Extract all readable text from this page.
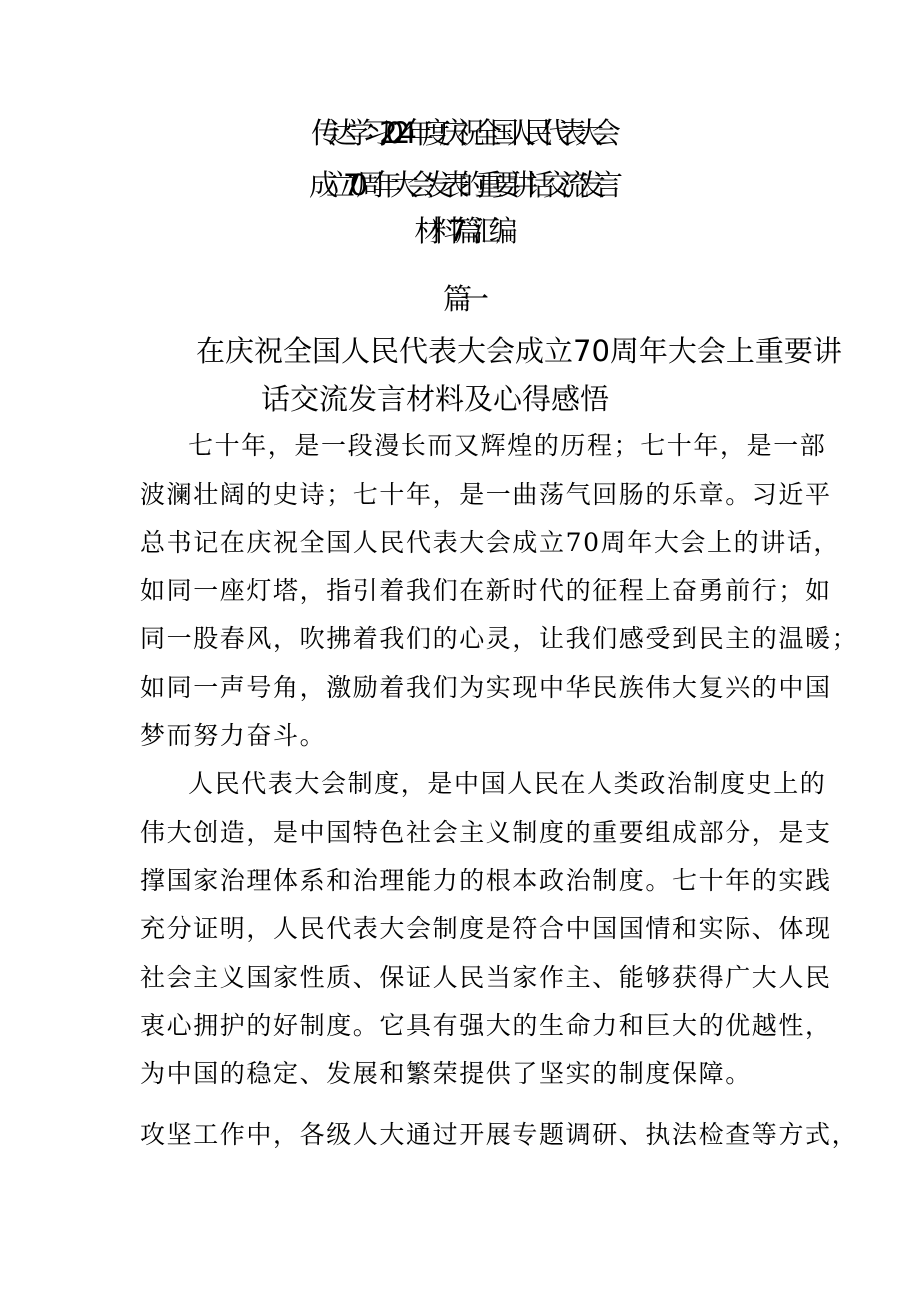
传达学习2024年度庆祝全国人民代表大会
成立70周年大会发表的重要讲话交流发言
材料7篇汇编
篇一
在庆祝全国人民代表大会成立70周年大会上重要讲
话交流发言材料及心得感悟
七十年，是一段漫长而又辉煌的历程；七十年，是一部
波澜壮阔的史诗；七十年，是一曲荡气回肠的乐章。习近平
总书记在庆祝全国人民代表大会成立70周年大会上的讲话，
如同一座灯塔，指引着我们在新时代的征程上奋勇前行；如
同一股春风，吹拂着我们的心灵，让我们感受到民主的温暖；
如同一声号角，激励着我们为实现中华民族伟大复兴的中国
梦而努力奋斗。
人民代表大会制度，是中国人民在人类政治制度史上的
伟大创造，是中国特色社会主义制度的重要组成部分，是支
撑国家治理体系和治理能力的根本政治制度。七十年的实践
充分证明，人民代表大会制度是符合中国国情和实际、体现
社会主义国家性质、保证人民当家作主、能够获得广大人民
衷心拥护的好制度。它具有强大的生命力和巨大的优越性，
为中国的稳定、发展和繁荣提供了坚实的制度保障。
攻坚工作中，各级人大通过开展专题调研、执法检查等方式，
